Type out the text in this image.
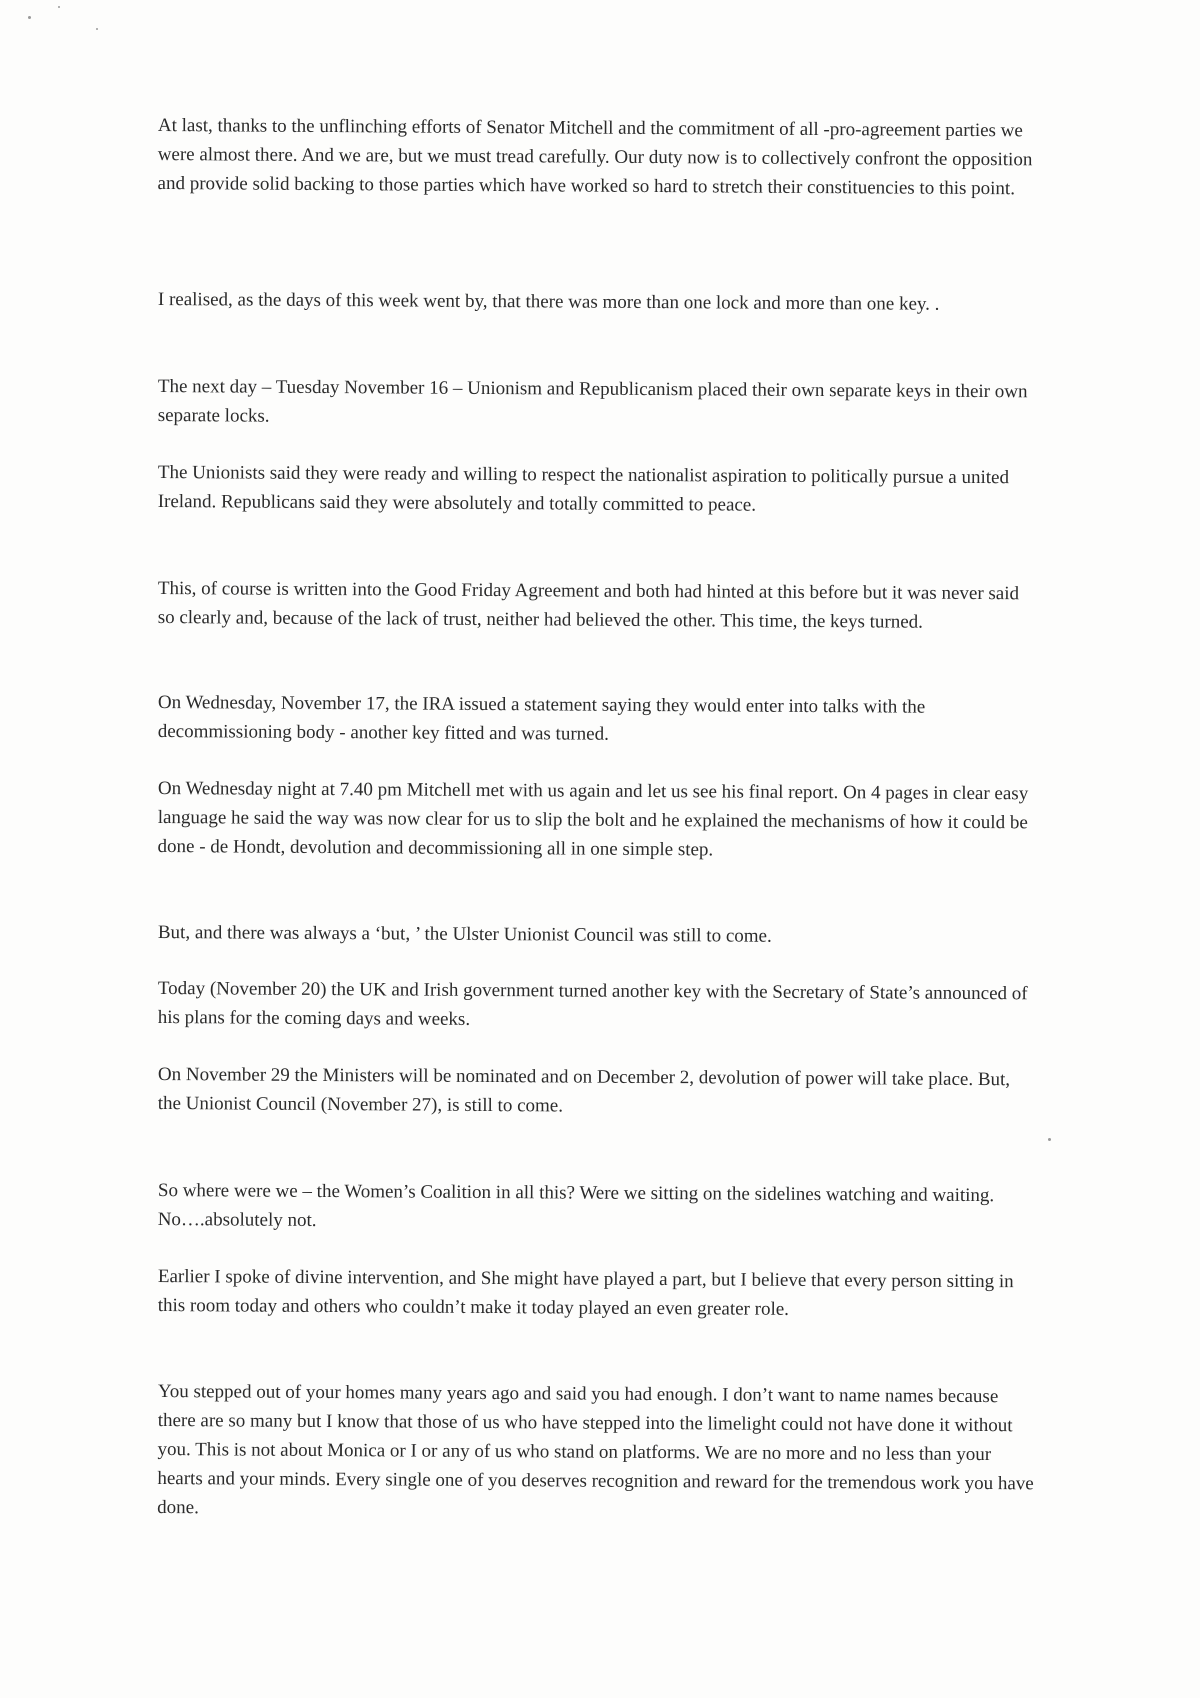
At last, thanks to the unflinching efforts of Senator Mitchell and the commitment of all -pro-agreement parties we were almost there. And we are, but we must tread carefully. Our duty now is to collectively confront the opposition and provide solid backing to those parties which have worked so hard to stretch their constituencies to this point.

I realised, as the days of this week went by, that there was more than one lock and more than one key. .

The next day – Tuesday November 16 – Unionism and Republicanism placed their own separate keys in their own separate locks.

The Unionists said they were ready and willing to respect the nationalist aspiration to politically pursue a united Ireland. Republicans said they were absolutely and totally committed to peace.

This, of course is written into the Good Friday Agreement and both had hinted at this before but it was never said so clearly and, because of the lack of trust, neither had believed the other. This time, the keys turned.

On Wednesday, November 17, the IRA issued a statement saying they would enter into talks with the decommissioning body - another key fitted and was turned.

On Wednesday night at 7.40 pm Mitchell met with us again and let us see his final report. On 4 pages in clear easy language he said the way was now clear for us to slip the bolt and he explained the mechanisms of how it could be done - de Hondt, devolution and decommissioning all in one simple step.

But, and there was always a ‘but, ’ the Ulster Unionist Council was still to come.

Today (November 20) the UK and Irish government turned another key with the Secretary of State’s announced of his plans for the coming days and weeks.

On November 29 the Ministers will be nominated and on December 2, devolution of power will take place. But, the Unionist Council (November 27), is still to come.

So where were we – the Women’s Coalition in all this? Were we sitting on the sidelines watching and waiting. No….absolutely not.

Earlier I spoke of divine intervention, and She might have played a part, but I believe that every person sitting in this room today and others who couldn’t make it today played an even greater role.

You stepped out of your homes many years ago and said you had enough. I don’t want to name names because there are so many but I know that those of us who have stepped into the limelight could not have done it without you. This is not about Monica or I or any of us who stand on platforms. We are no more and no less than your hearts and your minds. Every single one of you deserves recognition and reward for the tremendous work you have done.
